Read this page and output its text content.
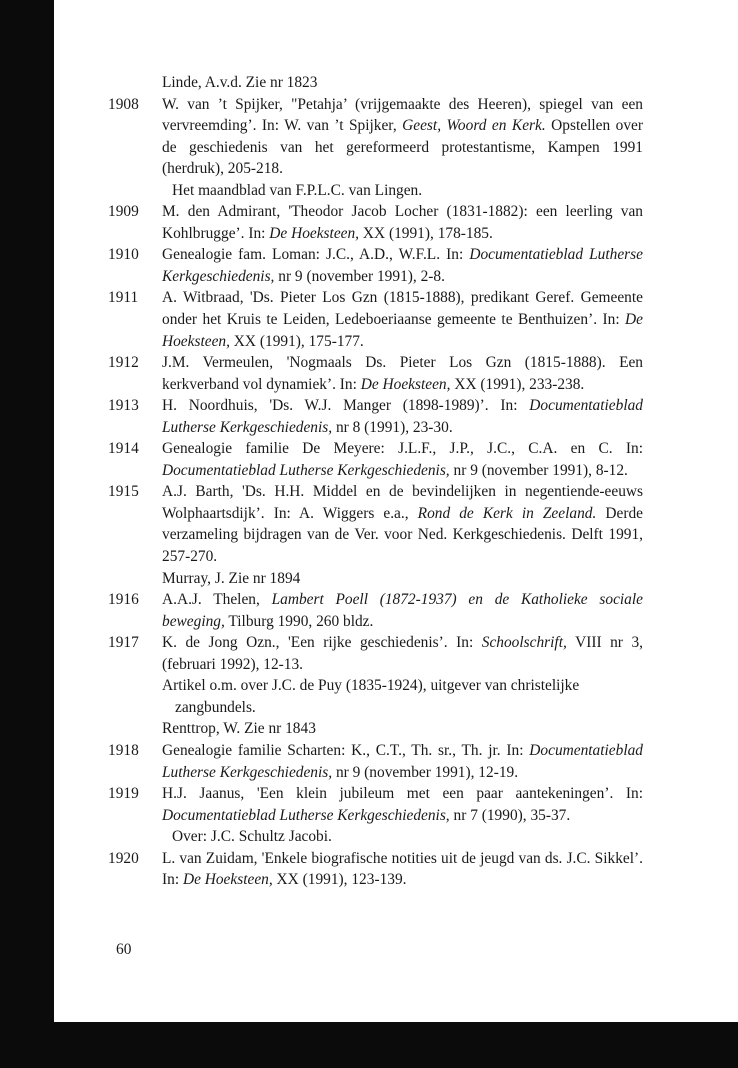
Linde, A.v.d. Zie nr 1823
1908	W. van ’t Spijker, "Petahja’ (vrijgemaakte des Heeren), spiegel van een vervreemding’. In: W. van ’t Spijker, Geest, Woord en Kerk. Opstellen over de geschiedenis van het gereformeerd protestantisme, Kampen 1991 (herdruk), 205-218.
Het maandblad van F.P.L.C. van Lingen.
1909	M. den Admirant, 'Theodor Jacob Locher (1831-1882): een leerling van Kohlbrugge’. In: De Hoeksteen, XX (1991), 178-185.
1910	Genealogie fam. Loman: J.C., A.D., W.F.L. In: Documentatieblad Lutherse Kerkgeschiedenis, nr 9 (november 1991), 2-8.
1911	A. Witbraad, 'Ds. Pieter Los Gzn (1815-1888), predikant Geref. Gemeente onder het Kruis te Leiden, Ledeboeriaanse gemeente te Benthuizen’. In: De Hoeksteen, XX (1991), 175-177.
1912	J.M. Vermeulen, 'Nogmaals Ds. Pieter Los Gzn (1815-1888). Een kerkverband vol dynamiek’. In: De Hoeksteen, XX (1991), 233-238.
1913	H. Noordhuis, 'Ds. W.J. Manger (1898-1989)’. In: Documentatieblad Lutherse Kerkgeschiedenis, nr 8 (1991), 23-30.
1914	Genealogie familie De Meyere: J.L.F., J.P., J.C., C.A. en C. In: Documentatieblad Lutherse Kerkgeschiedenis, nr 9 (november 1991), 8-12.
1915	A.J. Barth, 'Ds. H.H. Middel en de bevindelijken in negentiende-eeuws Wolphaartsdijk’. In: A. Wiggers e.a., Rond de Kerk in Zeeland. Derde verzameling bijdragen van de Ver. voor Ned. Kerkgeschiedenis. Delft 1991, 257-270.
Murray, J. Zie nr 1894
1916	A.A.J. Thelen, Lambert Poell (1872-1937) en de Katholieke sociale beweging, Tilburg 1990, 260 bldz.
1917	K. de Jong Ozn., 'Een rijke geschiedenis’. In: Schoolschrift, VIII nr 3, (februari 1992), 12-13.
Artikel o.m. over J.C. de Puy (1835-1924), uitgever van christelijke zangbundels.
Renttrop, W. Zie nr 1843
1918	Genealogie familie Scharten: K., C.T., Th. sr., Th. jr. In: Documentatieblad Lutherse Kerkgeschiedenis, nr 9 (november 1991), 12-19.
1919	H.J. Jaanus, 'Een klein jubileum met een paar aantekeningen’. In: Documentatieblad Lutherse Kerkgeschiedenis, nr 7 (1990), 35-37.
Over: J.C. Schultz Jacobi.
1920	L. van Zuidam, 'Enkele biografische notities uit de jeugd van ds. J.C. Sikkel’. In: De Hoeksteen, XX (1991), 123-139.
60
